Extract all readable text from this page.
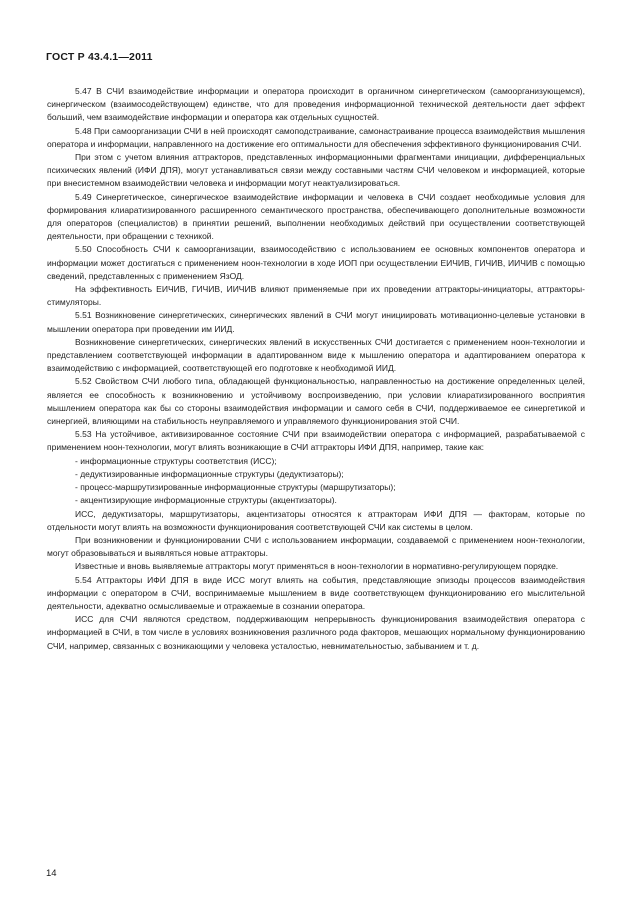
ГОСТ Р 43.4.1—2011

5.47 В СЧИ взаимодействие информации и оператора происходит в органичном синергетическом (самоорганизующемся), синергическом (взаимосодействующем) единстве, что для проведения информационной технической деятельности дает эффект больший, чем взаимодействие информации и оператора как отдельных сущностей.

5.48 При самоорганизации СЧИ в ней происходят самоподстраивание, самонастраивание процесса взаимодействия мышления оператора и информации, направленного на достижение его оптимальности для обеспечения эффективного функционирования СЧИ.

При этом с учетом влияния аттракторов, представленных информационными фрагментами инициации, дифференциальных психических явлений (ИФИ ДПЯ), могут устанавливаться связи между составными частям СЧИ человеком и информацией, которые при внесистемном взаимодействии человека и информации могут неактуализироваться.

5.49 Синергетическое, синергическое взаимодействие информации и человека в СЧИ создает необходимые условия для формирования клиаратизированного расширенного семантического пространства, обеспечивающего дополнительные возможности для операторов (специалистов) в принятии решений, выполнении необходимых действий при осуществлении соответствующей деятельности, при обращении с техникой.

5.50 Способность СЧИ к самоорганизации, взаимосодействию с использованием ее основных компонентов оператора и информации может достигаться с применением ноон-технологии в ходе ИОП при осуществлении ЕИЧИВ, ГИЧИВ, ИИЧИВ с помощью сведений, представленных с применением ЯзОД.

На эффективность ЕИЧИВ, ГИЧИВ, ИИЧИВ влияют применяемые при их проведении аттракторы-инициаторы, аттракторы-стимуляторы.

5.51 Возникновение синергетических, синергических явлений в СЧИ могут инициировать мотивационно-целевые установки в мышлении оператора при проведении им ИИД.

Возникновение синергетических, синергических явлений в искусственных СЧИ достигается с применением ноон-технологии и представлением соответствующей информации в адаптированном виде к мышлению оператора и адаптированием оператора к взаимодействию с информацией, соответствующей его подготовке к необходимой ИИД.

5.52 Свойством СЧИ любого типа, обладающей функциональностью, направленностью на достижение определенных целей, является ее способность к возникновению и устойчивому воспроизведению, при условии клиаратизированного восприятия мышлением оператора как бы со стороны взаимодействия информации и самого себя в СЧИ, поддерживаемое ее синергетикой и синергией, влияющими на стабильность неуправляемого и управляемого функционирования этой СЧИ.

5.53 На устойчивое, активизированное состояние СЧИ при взаимодействии оператора с информацией, разрабатываемой с применением ноон-технологии, могут влиять возникающие в СЧИ аттракторы ИФИ ДПЯ, например, такие как:

- информационные структуры соответствия (ИСС);

- дедуктизированные информационные структуры (дедуктизаторы);

- процесс-маршрутизированные информационные структуры (маршрутизаторы);

- акцентизирующие информационные структуры (акцентизаторы).

ИСС, дедуктизаторы, маршрутизаторы, акцентизаторы относятся к аттракторам ИФИ ДПЯ — факторам, которые по отдельности могут влиять на возможности функционирования соответствующей СЧИ как системы в целом.

При возникновении и функционировании СЧИ с использованием информации, создаваемой с применением ноон-технологии, могут образовываться и выявляться новые аттракторы.

Известные и вновь выявляемые аттракторы могут применяться в ноон-технологии в нормативно-регулирующем порядке.

5.54 Аттракторы ИФИ ДПЯ в виде ИСС могут влиять на события, представляющие эпизоды процессов взаимодействия информации с оператором в СЧИ, воспринимаемые мышлением в виде соответствующем функционированию его мыслительной деятельности, адекватно осмысливаемые и отражаемые в сознании оператора.

ИСС для СЧИ являются средством, поддерживающим непрерывность функционирования взаимодействия оператора с информацией в СЧИ, в том числе в условиях возникновения различного рода факторов, мешающих нормальному функционированию СЧИ, например, связанных с возникающими у человека усталостью, невнимательностью, забыванием и т. д.

14
